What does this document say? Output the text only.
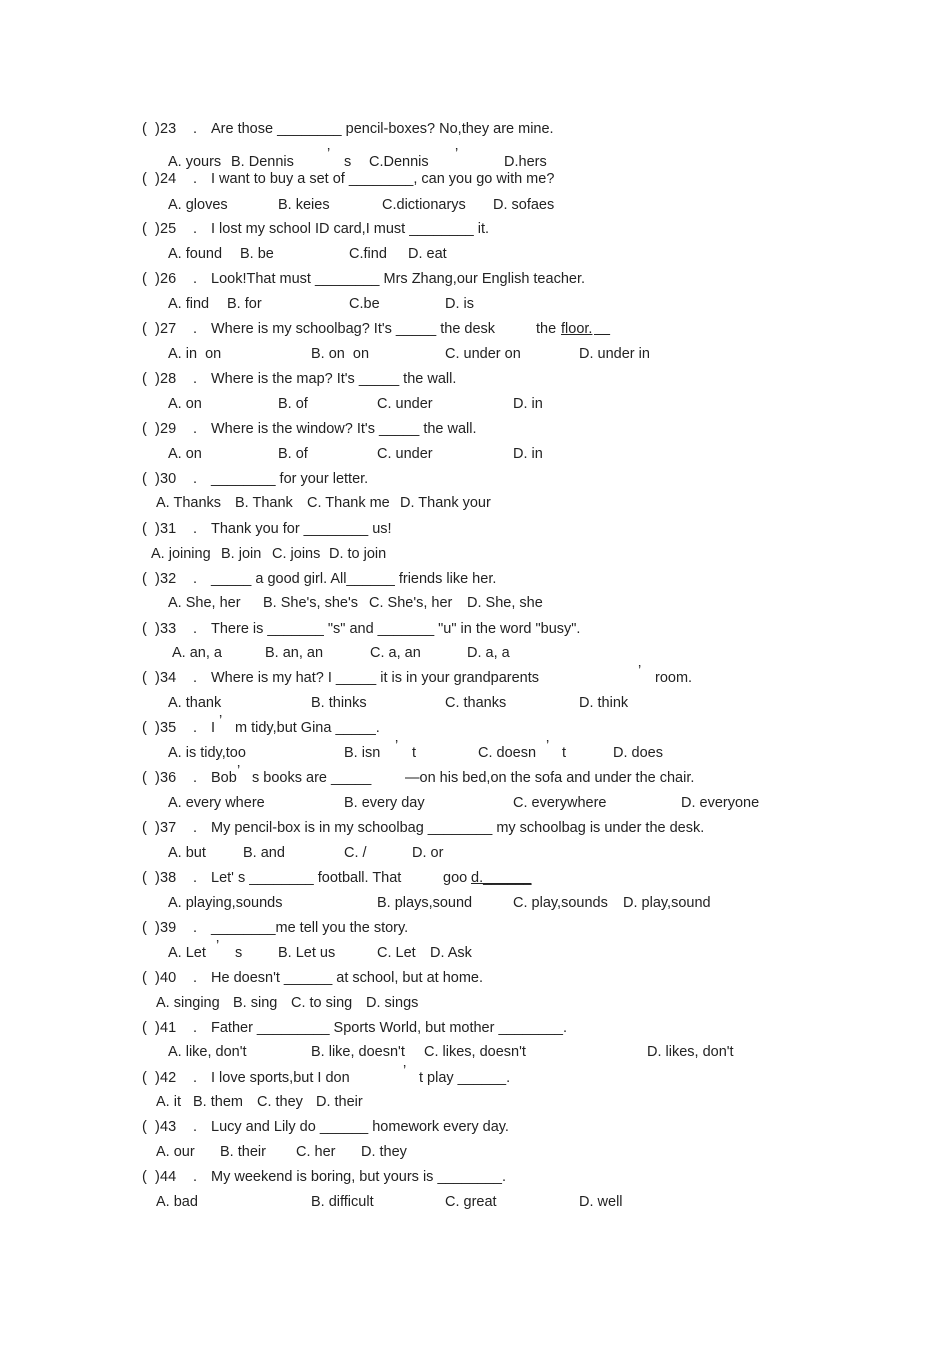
( ) 23 . Are those ________ pencil-boxes? No,they are mine.
A. yours B. Dennis ’ s C.Dennis ’	D.hers
( ) 24 . I want to buy a set of ________, can you go with me?
A. gloves	B. keies	C.dictionarys D. sofaes
( ) 25 . I lost my school ID card,I must ________ it.
A. found B. be	C.find D. eat
( ) 26 . Look!That must ________ Mrs Zhang,our English teacher.
A. find B. for	C.be	D. is
( ) 27 . Where is my schoolbag? It's _____ the desk	the floor.

A. in  on	B. on  on	C. under on	D. under in
( ) 28 . Where is the map? It's _____ the wall.
A. on	B. of	C. under	D. in
( ) 29 . Where is the window? It's _____ the wall.
A. on	B. of	C. under	D. in
( ) 30 . ________ for your letter.
A. Thanks B. Thank C. Thank me D. Thank your
( ) 31 . Thank you for ________ us!
A. joining B. join C. joins D. to join
( ) 32 . _____ a good girl. All______ friends like her.
A. She, her B. She's, she's C. She's, her D. She, she
( ) 33 . There is _______ "s" and _______ "u" in the word "busy".
A. an, a	B. an, an	C. a, an	D. a, a
( ) 34 . Where is my hat? I _____ it is in your grandparents	’ room.
A. thank	B. thinks	C. thanks	D. think
( ) 35 . I ’ m tidy,but Gina _____.
A. is tidy,too	B. isn ’ t	C. doesn ’ t	D. does
( ) 36 . Bob ’ s books are _____ —on his bed,on the sofa and under the chair.
A. every where	B. every day	C. everywhere	D. everyone
( ) 37 . My pencil-box is in my schoolbag ________ my schoolbag is under the desk.
A. but	B. and	C. /	D. or
( ) 38 . Let' s ________ football. That	goo d.______
A. playing,sounds	B. plays,sound	C. play,sounds D. play,sound
( ) 39 . ________me tell you the story.
A. Let ’ s B. Let us	C. Let D. Ask
( ) 40 . He doesn't ______ at school, but at home.
A. singing B. sing C. to sing D. sings
( ) 41 . Father _________ Sports World, but mother ________.
A. like, don't	B. like, doesn't C. likes, doesn't	D. likes, don't
( ) 42 . I love sports,but I don	’ t play ______.
A. it B. them C. they D. their
( ) 43 . Lucy and Lily do ______ homework every day.
A. our B. their C. her D. they
( ) 44 . My weekend is boring, but yours is ________.
A. bad	B. difficult	C. great	D. well
